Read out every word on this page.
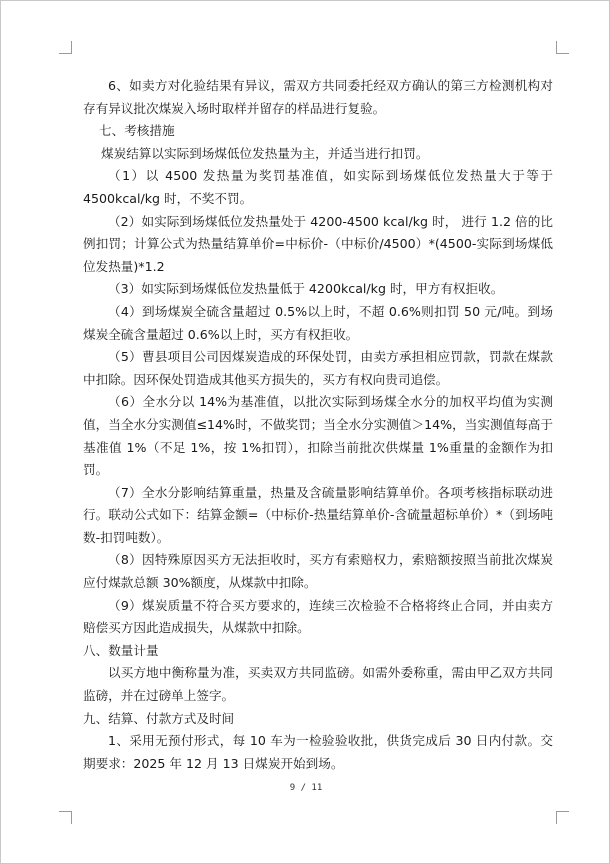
6、如卖方对化验结果有异议，需双方共同委托经双方确认的第三方检测机构对存有异议批次煤炭入场时取样并留存的样品进行复验。

七、考核措施

煤炭结算以实际到场煤低位发热量为主，并适当进行扣罚。

（1）以 4500 发热量为奖罚基准值，如实际到场煤低位发热量大于等于 4500kcal/kg 时，不奖不罚。

（2）如实际到场煤低位发热量处于 4200-4500 kcal/kg 时， 进行 1.2 倍的比例扣罚；计算公式为热量结算单价=中标价-（中标价/4500）*(4500-实际到场煤低位发热量)*1.2

（3）如实际到场煤低位发热量低于 4200kcal/kg 时，甲方有权拒收。

（4）到场煤炭全硫含量超过 0.5%以上时，不超 0.6%则扣罚 50 元/吨。到场煤炭全硫含量超过 0.6%以上时，买方有权拒收。

（5）曹县项目公司因煤炭造成的环保处罚，由卖方承担相应罚款，罚款在煤款中扣除。因环保处罚造成其他买方损失的，买方有权向贵司追偿。

（6）全水分以 14%为基准值，以批次实际到场煤全水分的加权平均值为实测值，当全水分实测值≤14%时，不做奖罚；当全水分实测值＞14%，当实测值每高于基准值 1%（不足 1%，按 1%扣罚），扣除当前批次供煤量 1%重量的金额作为扣罚。

（7）全水分影响结算重量，热量及含硫量影响结算单价。各项考核指标联动进行。联动公式如下：结算金额=（中标价-热量结算单价-含硫量超标单价）*（到场吨数-扣罚吨数）。

（8）因特殊原因买方无法拒收时，买方有索赔权力，索赔额按照当前批次煤炭应付煤款总额 30%额度，从煤款中扣除。

（9）煤炭质量不符合买方要求的，连续三次检验不合格将终止合同，并由卖方赔偿买方因此造成损失，从煤款中扣除。

八、数量计量

以买方地中衡称量为准，买卖双方共同监磅。如需外委称重，需由甲乙双方共同监磅，并在过磅单上签字。

九、结算、付款方式及时间

1、采用无预付形式，每 10 车为一检验验收批，供货完成后 30 日内付款。交期要求：2025 年 12 月 13 日煤炭开始到场。

9 / 11
